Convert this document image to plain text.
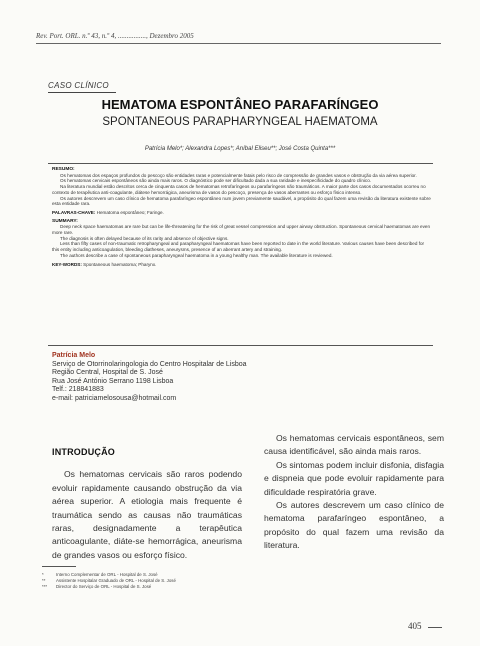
Rev. Port. ORL. n.º 43, n.º 4, ................, Dezembro 2005
CASO CLÍNICO
HEMATOMA ESPONTÂNEO PARAFARÍNGEO
SPONTANEOUS PARAPHARYNGEAL HAEMATOMA
Patrícia Melo*; Alexandra Lopes*; Aníbal Eliseu**; José Costa Quinta***
RESUMO:

Os hematomas dos espaços profundos do pescoço são entidades raras e potencialmente fatais pelo risco de compressão de grandes vasos e obstrução da via aérea superior.

Os hematomas cervicais espontâneos são ainda mais raros. O diagnóstico pode ser dificultado dada a sua raridade e inespecificidade do quadro clínico.

Na literatura mundial estão descritos cerca de cinquenta casos de hematomas retrofaríngeos ou parafaríngeos não traumáticos. A maior parte dos casos documentados ocorreu no contexto de terapêutica anti-coagulante, diátese hemorrágica, aneurisma de vasos do pescoço, presença de vasos aberrantes ou esforço físico intenso.

Os autores descrevem um caso clínico de hematoma parafaríngeo espontâneo num jovem previamente saudável, a propósito do qual fazem uma revisão da literatura existente sobre esta entidade rara.

PALAVRAS-CHAVE: Hematoma espontâneo; Faringe.
SUMMARY:

Deep neck space haematomas are rare but can be life-threatening for the risk of great vessel compression and upper airway obstruction. Spontaneous cervical haematomas are even more rare.

The diagnosis is often delayed because of its rarity and absence of objective signs.

Less than fifty cases of non-traumatic retropharyngeal and parapharyngeal haematomas have been reported to date in the world literature. Various causes have been described for this entity including anticoagulation, bleeding diatheses, aneurysms, presence of an aberrant artery and straining.

The authors describe a case of spontaneous parapharyngeal haematoma in a young healthy man. The available literature is reviewed.

KEY-WORDS: Spontaneous haematoma; Pharynx.
Patrícia Melo
Serviço de Otorrinolaringologia do Centro Hospitalar de Lisboa
Região Central, Hospital de S. José
Rua José António Serrano 1198 Lisboa
Telf.: 218841883
e-mail: patriciamelosousa@hotmail.com
INTRODUÇÃO

Os hematomas cervicais são raros podendo evoluir rapidamente causando obstrução da via aérea superior. A etiologia mais frequente é traumática sendo as causas não traumáticas raras, designadamente a terapêutica anticoagulante, diáte-se hemorrágica, aneurisma de grandes vasos ou esforço físico.

Os hematomas cervicais espontâneos, sem causa identificável, são ainda mais raros.

Os sintomas podem incluir disfonia, disfagia e dispneia que pode evoluir rapidamente para dificuldade respiratória grave.

Os autores descrevem um caso clínico de hematoma parafaríngeo espontâneo, a propósito do qual fazem uma revisão da literatura.

*	Interno Complementar de ORL - Hospital de S. José
** Assistente Hospitalar Graduado de ORL - Hospital de S. José
*** Director do Serviço de ORL - Hospital de S. José
405
